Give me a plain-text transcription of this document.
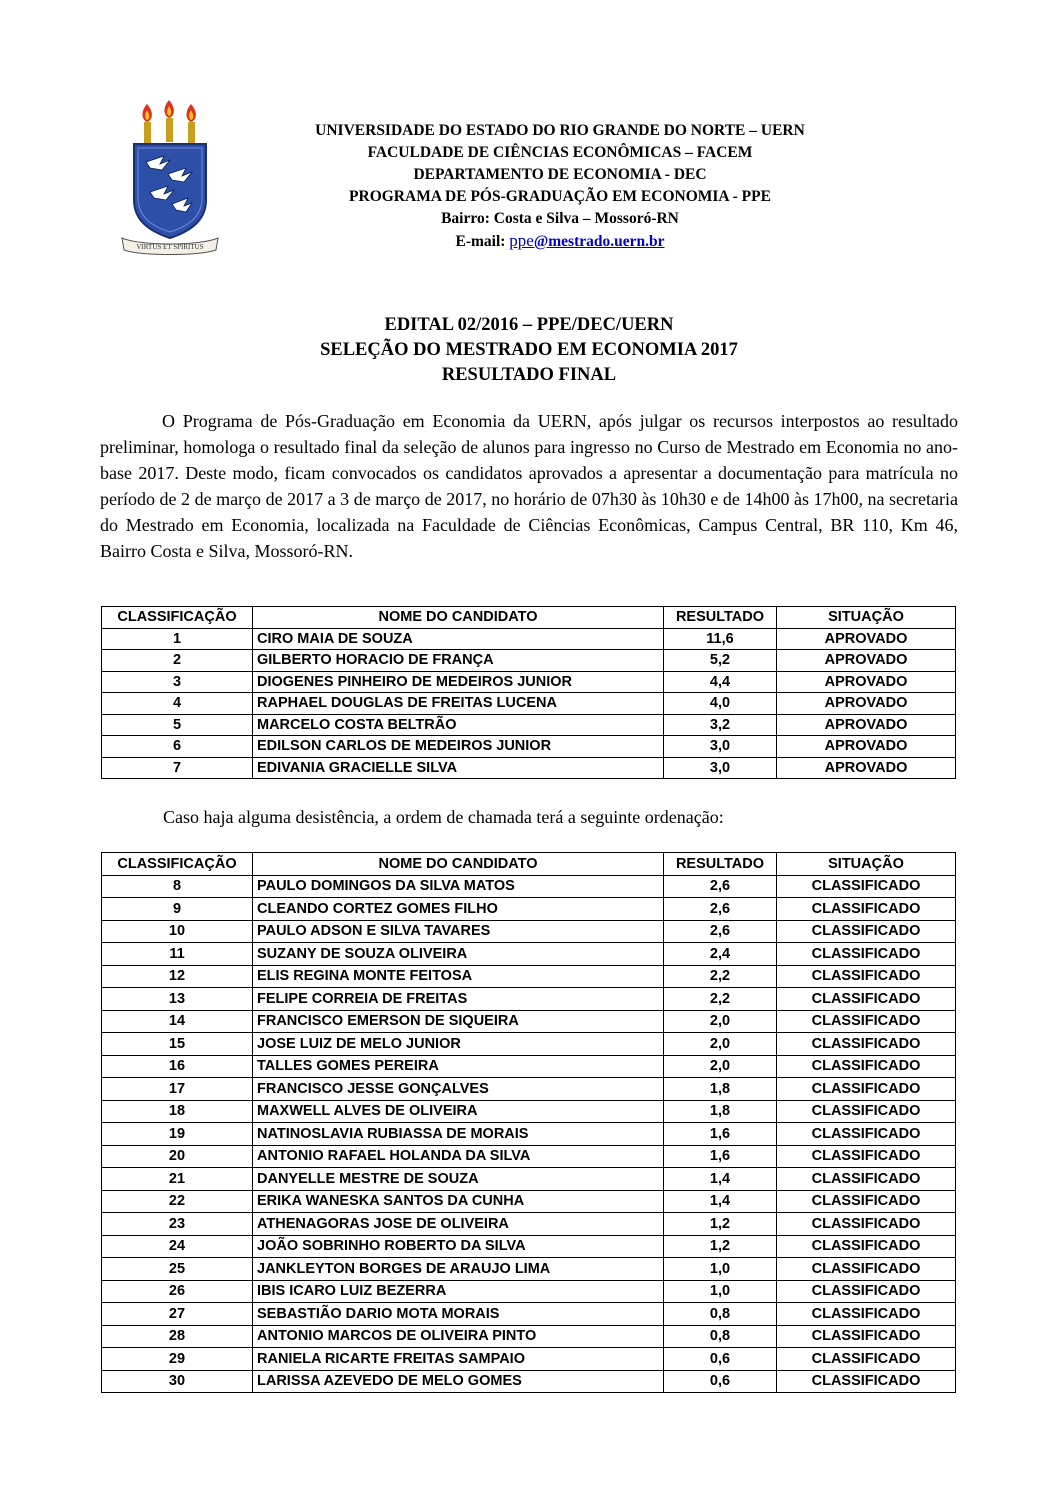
VIRTUS ET SPIRITUS
UNIVERSIDADE DO ESTADO DO RIO GRANDE DO NORTE – UERN
FACULDADE DE CIÊNCIAS ECONÔMICAS – FACEM
DEPARTAMENTO DE ECONOMIA - DEC
PROGRAMA DE PÓS-GRADUAÇÃO EM ECONOMIA - PPE
Bairro: Costa e Silva – Mossoró-RN
E-mail: ppe@mestrado.uern.br
EDITAL 02/2016 – PPE/DEC/UERN
SELEÇÃO DO MESTRADO EM ECONOMIA 2017
RESULTADO FINAL

O Programa de Pós-Graduação em Economia da UERN, após julgar os recursos interpostos ao resultado preliminar, homologa o resultado final da seleção de alunos para ingresso no Curso de Mestrado em Economia no ano-base 2017. Deste modo, ficam convocados os candidatos aprovados a apresentar a documentação para matrícula no período de 2 de março de 2017 a 3 de março de 2017, no horário de 07h30 às 10h30 e de 14h00 às 17h00, na secretaria do Mestrado em Economia, localizada na Faculdade de Ciências Econômicas, Campus Central, BR 110, Km 46, Bairro Costa e Silva, Mossoró-RN.

CLASSIFICAÇÃO	NOME DO CANDIDATO	RESULTADO	SITUAÇÃO
1	CIRO MAIA DE SOUZA	11,6	APROVADO
2	GILBERTO HORACIO DE FRANÇA	5,2	APROVADO
3	DIOGENES PINHEIRO DE MEDEIROS JUNIOR	4,4	APROVADO
4	RAPHAEL DOUGLAS DE FREITAS LUCENA	4,0	APROVADO
5	MARCELO COSTA BELTRÃO	3,2	APROVADO
6	EDILSON CARLOS DE MEDEIROS JUNIOR	3,0	APROVADO
7	EDIVANIA GRACIELLE SILVA	3,0	APROVADO

Caso haja alguma desistência, a ordem de chamada terá a seguinte ordenação:

CLASSIFICAÇÃO	NOME DO CANDIDATO	RESULTADO	SITUAÇÃO
8	PAULO DOMINGOS DA SILVA MATOS	2,6	CLASSIFICADO
9	CLEANDO CORTEZ GOMES FILHO	2,6	CLASSIFICADO
10	PAULO ADSON E SILVA TAVARES	2,6	CLASSIFICADO
11	SUZANY DE SOUZA OLIVEIRA	2,4	CLASSIFICADO
12	ELIS REGINA MONTE FEITOSA	2,2	CLASSIFICADO
13	FELIPE CORREIA DE FREITAS	2,2	CLASSIFICADO
14	FRANCISCO EMERSON DE SIQUEIRA	2,0	CLASSIFICADO
15	JOSE LUIZ DE MELO JUNIOR	2,0	CLASSIFICADO
16	TALLES GOMES PEREIRA	2,0	CLASSIFICADO
17	FRANCISCO JESSE GONÇALVES	1,8	CLASSIFICADO
18	MAXWELL ALVES DE OLIVEIRA	1,8	CLASSIFICADO
19	NATINOSLAVIA RUBIASSA DE MORAIS	1,6	CLASSIFICADO
20	ANTONIO RAFAEL HOLANDA DA SILVA	1,6	CLASSIFICADO
21	DANYELLE MESTRE DE SOUZA	1,4	CLASSIFICADO
22	ERIKA WANESKA SANTOS DA CUNHA	1,4	CLASSIFICADO
23	ATHENAGORAS JOSE DE OLIVEIRA	1,2	CLASSIFICADO
24	JOÃO SOBRINHO ROBERTO DA SILVA	1,2	CLASSIFICADO
25	JANKLEYTON BORGES DE ARAUJO LIMA	1,0	CLASSIFICADO
26	IBIS ICARO LUIZ BEZERRA	1,0	CLASSIFICADO
27	SEBASTIÃO DARIO MOTA MORAIS	0,8	CLASSIFICADO
28	ANTONIO MARCOS DE OLIVEIRA PINTO	0,8	CLASSIFICADO
29	RANIELA RICARTE FREITAS SAMPAIO	0,6	CLASSIFICADO
30	LARISSA AZEVEDO DE MELO GOMES	0,6	CLASSIFICADO
